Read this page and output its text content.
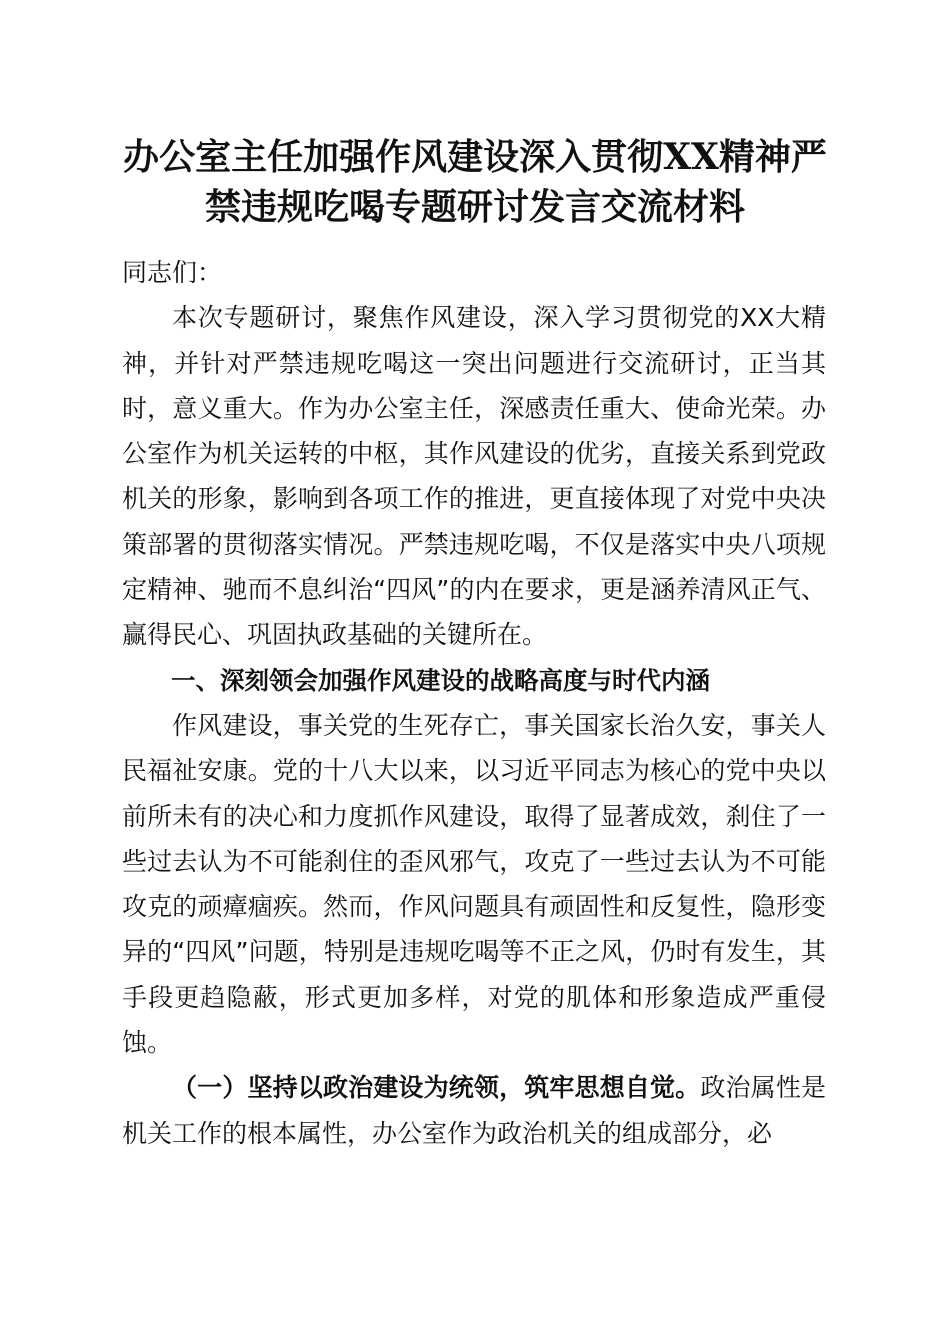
办公室主任加强作风建设深入贯彻XX精神严
禁违规吃喝专题研讨发言交流材料

同志们：

本次专题研讨，聚焦作风建设，深入学习贯彻党的XX大精神，并针对严禁违规吃喝这一突出问题进行交流研讨，正当其时，意义重大。作为办公室主任，深感责任重大、使命光荣。办公室作为机关运转的中枢，其作风建设的优劣，直接关系到党政机关的形象，影响到各项工作的推进，更直接体现了对党中央决策部署的贯彻落实情况。严禁违规吃喝，不仅是落实中央八项规定精神、驰而不息纠治“四风”的内在要求，更是涵养清风正气、赢得民心、巩固执政基础的关键所在。

一、深刻领会加强作风建设的战略高度与时代内涵

作风建设，事关党的生死存亡，事关国家长治久安，事关人民福祉安康。党的十八大以来，以习近平同志为核心的党中央以前所未有的决心和力度抓作风建设，取得了显著成效，刹住了一些过去认为不可能刹住的歪风邪气，攻克了一些过去认为不可能攻克的顽瘴痼疾。然而，作风问题具有顽固性和反复性，隐形变异的“四风”问题，特别是违规吃喝等不正之风，仍时有发生，其手段更趋隐蔽，形式更加多样，对党的肌体和形象造成严重侵蚀。

（一）坚持以政治建设为统领，筑牢思想自觉。政治属性是机关工作的根本属性，办公室作为政治机关的组成部分，必
